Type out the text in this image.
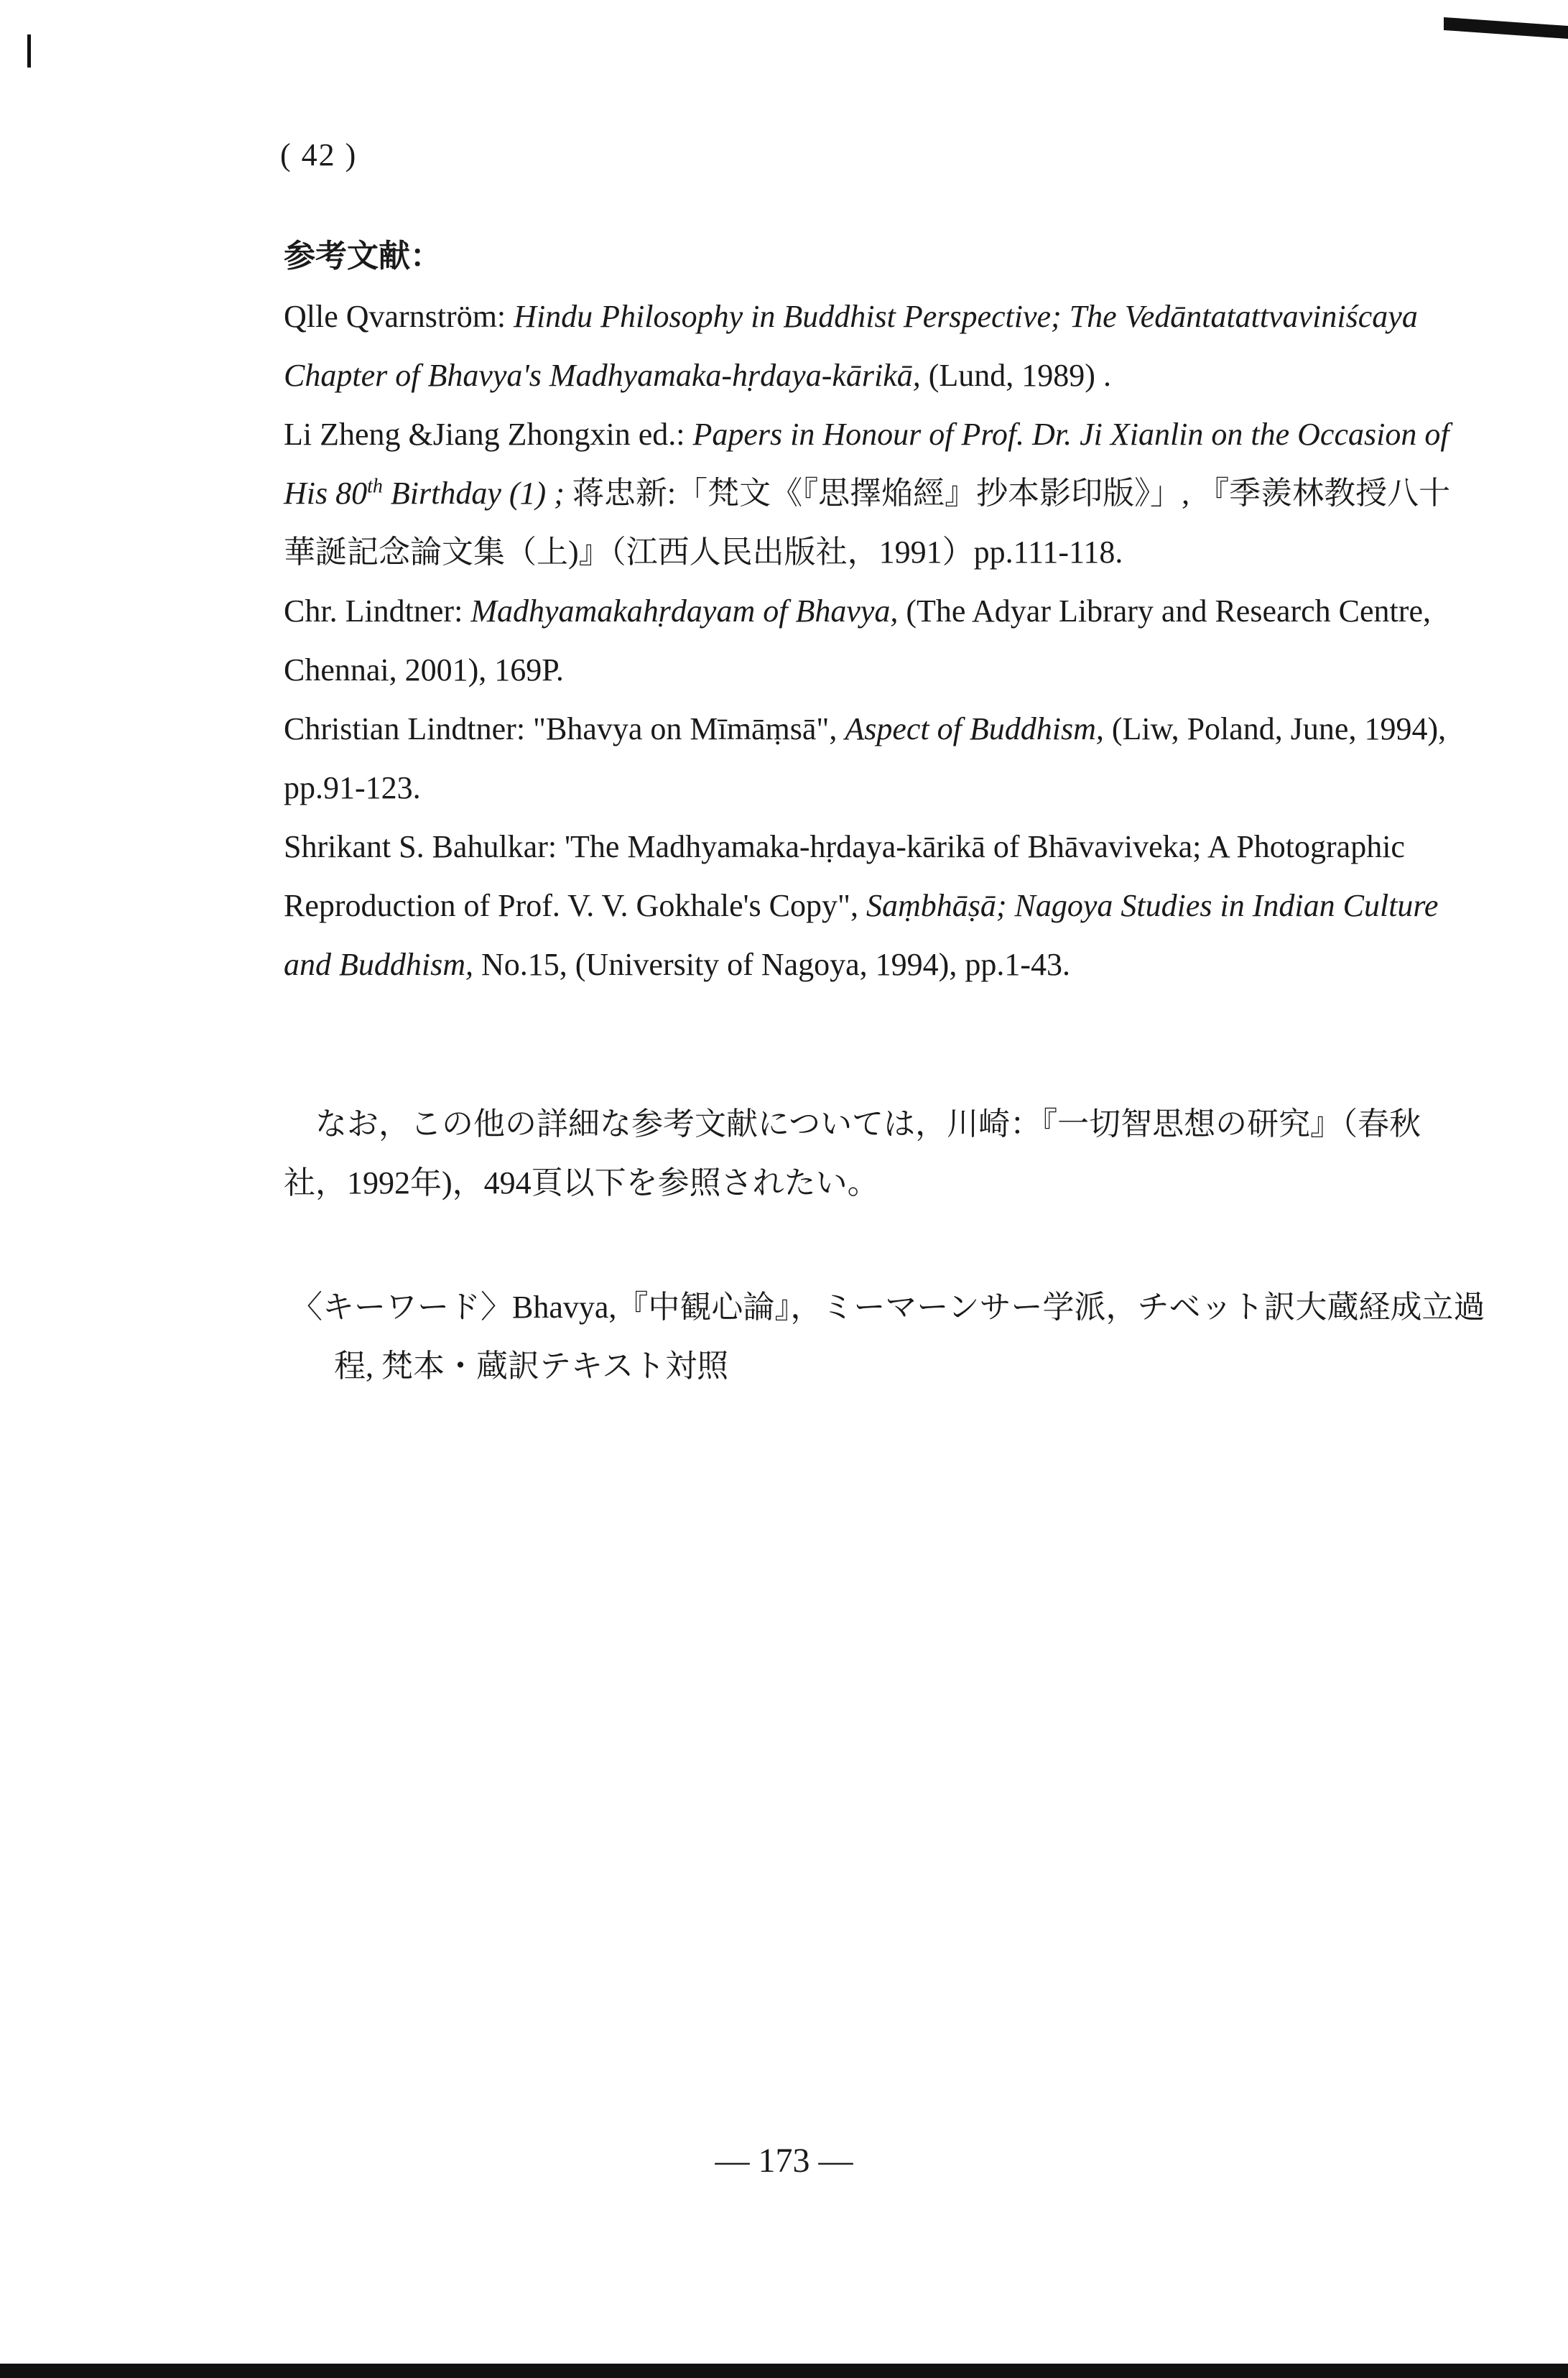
( 42 )
参考文献：

Qlle Qvarnström: Hindu Philosophy in Buddhist Perspective; The Vedāntatattvaviniścaya Chapter of Bhavya's Madhyamaka-hṛdaya-kārikā, (Lund, 1989) .

Li Zheng &Jiang Zhongxin ed.: Papers in Honour of Prof. Dr. Ji Xianlin on the Occasion of His 80th Birthday (1) ; 蒋忠新:「梵文《『思擇焔經』抄本影印版》」, 『季羨林教授八十華誕記念論文集（上)』（江西人民出版社，1991）pp.111-118.

Chr. Lindtner: Madhyamakahṛdayam of Bhavya, (The Adyar Library and Research Centre, Chennai, 2001), 169P.

Christian Lindtner: "Bhavya on Mīmāṃsā", Aspect of Buddhism, (Liw, Poland, June, 1994), pp.91-123.

Shrikant S. Bahulkar: 'The Madhyamaka-hṛdaya-kārikā of Bhāvaviveka; A Photographic Reproduction of Prof. V. V. Gokhale's Copy", Saṃbhāṣā; Nagoya Studies in Indian Culture and Buddhism, No.15, (University of Nagoya, 1994), pp.1-43.

なお，この他の詳細な参考文献については，川崎：『一切智思想の研究』（春秋社，1992年)，494頁以下を参照されたい。

〈キーワード〉Bhavya,『中観心論』，ミーマーンサー学派，チベット訳大蔵経成立過程, 梵本・蔵訳テキスト対照

— 173 —
